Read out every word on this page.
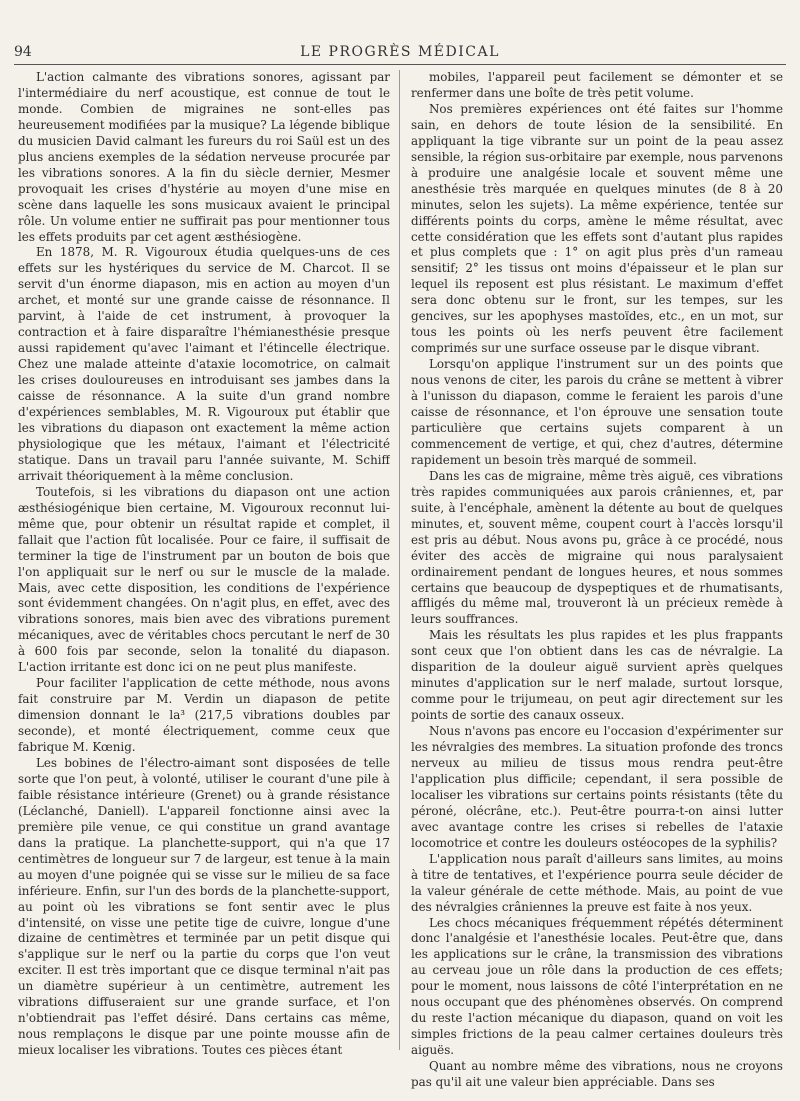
94	LE PROGRÈS MÉDICAL

L'action calmante des vibrations sonores, agissant par l'intermédiaire du nerf acoustique, est connue de tout le monde. Combien de migraines ne sont-elles pas heureusement modifiées par la musique? La légende biblique du musicien David calmant les fureurs du roi Saül est un des plus anciens exemples de la sédation nerveuse procurée par les vibrations sonores. A la fin du siècle dernier, Mesmer provoquait les crises d'hystérie au moyen d'une mise en scène dans laquelle les sons musicaux avaient le principal rôle. Un volume entier ne suffirait pas pour mentionner tous les effets produits par cet agent æsthésiogène.

En 1878, M. R. Vigouroux étudia quelques-uns de ces effets sur les hystériques du service de M. Charcot. Il se servit d'un énorme diapason, mis en action au moyen d'un archet, et monté sur une grande caisse de résonnance. Il parvint, à l'aide de cet instrument, à provoquer la contraction et à faire disparaître l'hémianesthésie presque aussi rapidement qu'avec l'aimant et l'étincelle électrique. Chez une malade atteinte d'ataxie locomotrice, on calmait les crises douloureuses en introduisant ses jambes dans la caisse de résonnance. A la suite d'un grand nombre d'expériences semblables, M. R. Vigouroux put établir que les vibrations du diapason ont exactement la même action physiologique que les métaux, l'aimant et l'électricité statique. Dans un travail paru l'année suivante, M. Schiff arrivait théoriquement à la même conclusion.

Toutefois, si les vibrations du diapason ont une action æsthésiogénique bien certaine, M. Vigouroux reconnut lui-même que, pour obtenir un résultat rapide et complet, il fallait que l'action fût localisée. Pour ce faire, il suffisait de terminer la tige de l'instrument par un bouton de bois que l'on appliquait sur le nerf ou sur le muscle de la malade. Mais, avec cette disposition, les conditions de l'expérience sont évidemment changées. On n'agit plus, en effet, avec des vibrations sonores, mais bien avec des vibrations purement mécaniques, avec de véritables chocs percutant le nerf de 30 à 600 fois par seconde, selon la tonalité du diapason. L'action irritante est donc ici on ne peut plus manifeste.

Pour faciliter l'application de cette méthode, nous avons fait construire par M. Verdin un diapason de petite dimension donnant le la³ (217,5 vibrations doubles par seconde), et monté électriquement, comme ceux que fabrique M. Kœnig.

Les bobines de l'électro-aimant sont disposées de telle sorte que l'on peut, à volonté, utiliser le courant d'une pile à faible résistance intérieure (Grenet) ou à grande résistance (Léclanché, Daniell). L'appareil fonctionne ainsi avec la première pile venue, ce qui constitue un grand avantage dans la pratique. La planchette-support, qui n'a que 17 centimètres de longueur sur 7 de largeur, est tenue à la main au moyen d'une poignée qui se visse sur le milieu de sa face inférieure. Enfin, sur l'un des bords de la planchette-support, au point où les vibrations se font sentir avec le plus d'intensité, on visse une petite tige de cuivre, longue d'une dizaine de centimètres et terminée par un petit disque qui s'applique sur le nerf ou la partie du corps que l'on veut exciter. Il est très important que ce disque terminal n'ait pas un diamètre supérieur à un centimètre, autrement les vibrations diffuseraient sur une grande surface, et l'on n'obtiendrait pas l'effet désiré. Dans certains cas même, nous remplaçons le disque par une pointe mousse afin de mieux localiser les vibrations. Toutes ces pièces étant

mobiles, l'appareil peut facilement se démonter et se renfermer dans une boîte de très petit volume.

Nos premières expériences ont été faites sur l'homme sain, en dehors de toute lésion de la sensibilité. En appliquant la tige vibrante sur un point de la peau assez sensible, la région sus-orbitaire par exemple, nous parvenons à produire une analgésie locale et souvent même une anesthésie très marquée en quelques minutes (de 8 à 20 minutes, selon les sujets). La même expérience, tentée sur différents points du corps, amène le même résultat, avec cette considération que les effets sont d'autant plus rapides et plus complets que : 1° on agit plus près d'un rameau sensitif; 2° les tissus ont moins d'épaisseur et le plan sur lequel ils reposent est plus résistant. Le maximum d'effet sera donc obtenu sur le front, sur les tempes, sur les gencives, sur les apophyses mastoïdes, etc., en un mot, sur tous les points où les nerfs peuvent être facilement comprimés sur une surface osseuse par le disque vibrant.

Lorsqu'on applique l'instrument sur un des points que nous venons de citer, les parois du crâne se mettent à vibrer à l'unisson du diapason, comme le feraient les parois d'une caisse de résonnance, et l'on éprouve une sensation toute particulière que certains sujets comparent à un commencement de vertige, et qui, chez d'autres, détermine rapidement un besoin très marqué de sommeil.

Dans les cas de migraine, même très aiguë, ces vibrations très rapides communiquées aux parois crâniennes, et, par suite, à l'encéphale, amènent la détente au bout de quelques minutes, et, souvent même, coupent court à l'accès lorsqu'il est pris au début. Nous avons pu, grâce à ce procédé, nous éviter des accès de migraine qui nous paralysaient ordinairement pendant de longues heures, et nous sommes certains que beaucoup de dyspeptiques et de rhumatisants, affligés du même mal, trouveront là un précieux remède à leurs souffrances.

Mais les résultats les plus rapides et les plus frappants sont ceux que l'on obtient dans les cas de névralgie. La disparition de la douleur aiguë survient après quelques minutes d'application sur le nerf malade, surtout lorsque, comme pour le trijumeau, on peut agir directement sur les points de sortie des canaux osseux.

Nous n'avons pas encore eu l'occasion d'expérimenter sur les névralgies des membres. La situation profonde des troncs nerveux au milieu de tissus mous rendra peut-être l'application plus difficile; cependant, il sera possible de localiser les vibrations sur certains points résistants (tête du péroné, olécrâne, etc.). Peut-être pourra-t-on ainsi lutter avec avantage contre les crises si rebelles de l'ataxie locomotrice et contre les douleurs ostéocopes de la syphilis?

L'application nous paraît d'ailleurs sans limites, au moins à titre de tentatives, et l'expérience pourra seule décider de la valeur générale de cette méthode. Mais, au point de vue des névralgies crâniennes la preuve est faite à nos yeux.

Les chocs mécaniques fréquemment répétés déterminent donc l'analgésie et l'anesthésie locales. Peut-être que, dans les applications sur le crâne, la transmission des vibrations au cerveau joue un rôle dans la production de ces effets; pour le moment, nous laissons de côté l'interprétation en ne nous occupant que des phénomènes observés. On comprend du reste l'action mécanique du diapason, quand on voit les simples frictions de la peau calmer certaines douleurs très aiguës.

Quant au nombre même des vibrations, nous ne croyons pas qu'il ait une valeur bien appréciable. Dans ses
